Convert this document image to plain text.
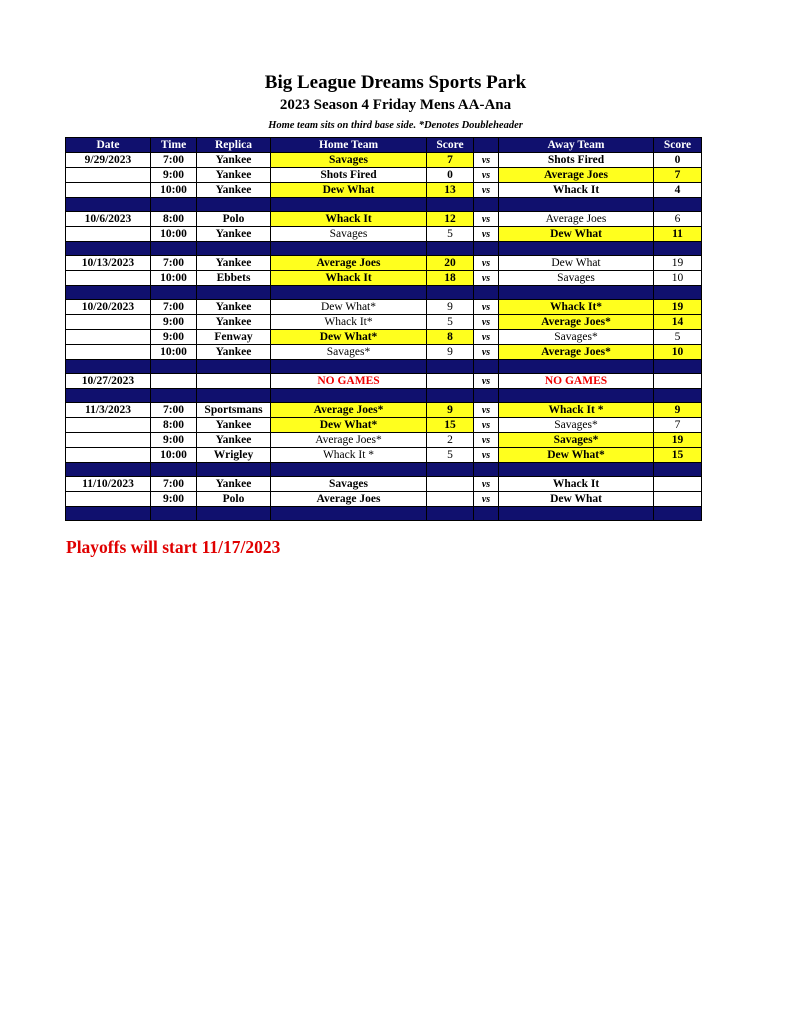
Big League Dreams Sports Park
2023 Season 4 Friday Mens AA-Ana
Home team sits on third base side. *Denotes Doubleheader
Date	Time	Replica	Home Team	Score		Away Team	Score
9/29/2023	7:00	Yankee	Savages	7	vs	Shots Fired	0
	9:00	Yankee	Shots Fired	0	vs	Average Joes	7
	10:00	Yankee	Dew What	13	vs	Whack It	4

10/6/2023	8:00	Polo	Whack It	12	vs	Average Joes	6
	10:00	Yankee	Savages	5	vs	Dew What	11

10/13/2023	7:00	Yankee	Average Joes	20	vs	Dew What	19
	10:00	Ebbets	Whack It	18	vs	Savages	10

10/20/2023	7:00	Yankee	Dew What*	9	vs	Whack It*	19
	9:00	Yankee	Whack It*	5	vs	Average Joes*	14
	9:00	Fenway	Dew What*	8	vs	Savages*	5
	10:00	Yankee	Savages*	9	vs	Average Joes*	10

10/27/2023			NO GAMES		vs	NO GAMES	

11/3/2023	7:00	Sportsmans	Average Joes*	9	vs	Whack It *	9
	8:00	Yankee	Dew What*	15	vs	Savages*	7
	9:00	Yankee	Average Joes*	2	vs	Savages*	19
	10:00	Wrigley	Whack It *	5	vs	Dew What*	15

11/10/2023	7:00	Yankee	Savages		vs	Whack It	
	9:00	Polo	Average Joes		vs	Dew What	

Playoffs will start 11/17/2023
